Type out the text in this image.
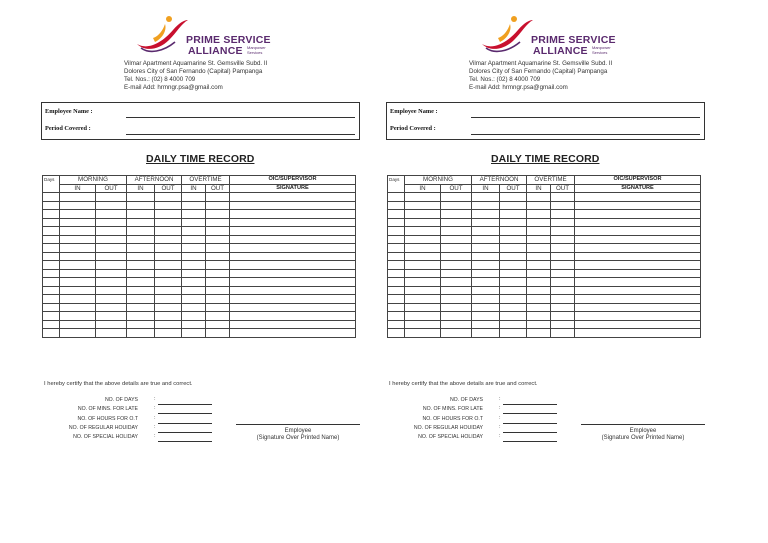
PRIME SERVICE
ALLIANCE Manpower Services
Vilmar Apartment Aquamarine St. Gemsville Subd. II
Dolores City of San Fernando (Capital) Pampanga
Tel. Nos.: (02) 8 4000 709
E-mail Add: hrmngr.psa@gmail.com
Employee Name :
Period Covered :
DAILY TIME RECORD
Days	MORNING		AFTERNOON		OVERTIME		OIC/SUPERVISOR
	IN	OUT	IN	OUT	IN	OUT	SIGNATURE

I hereby certify that the above details are true and correct.
NO. OF DAYS	:
NO. OF MINS. FOR LATE	:
NO. OF HOURS FOR O.T	:
NO. OF REGULAR HOUIDAY	:
NO. OF SPECIAL HOLIDAY	:
Employee
(Signature Over Printed Name)
PRIME SERVICE
ALLIANCE Manpower Services
Vilmar Apartment Aquamarine St. Gemsville Subd. II
Dolores City of San Fernando (Capital) Pampanga
Tel. Nos.: (02) 8 4000 709
E-mail Add: hrmngr.psa@gmail.com
Employee Name :
Period Covered :
DAILY TIME RECORD
Days	MORNING		AFTERNOON		OVERTIME		OIC/SUPERVISOR
	IN	OUT	IN	OUT	IN	OUT	SIGNATURE

I hereby certify that the above details are true and correct.
NO. OF DAYS	:
NO. OF MINS. FOR LATE	:
NO. OF HOURS FOR O.T	:
NO. OF REGULAR HOUIDAY	:
NO. OF SPECIAL HOLIDAY	:
Employee
(Signature Over Printed Name)
